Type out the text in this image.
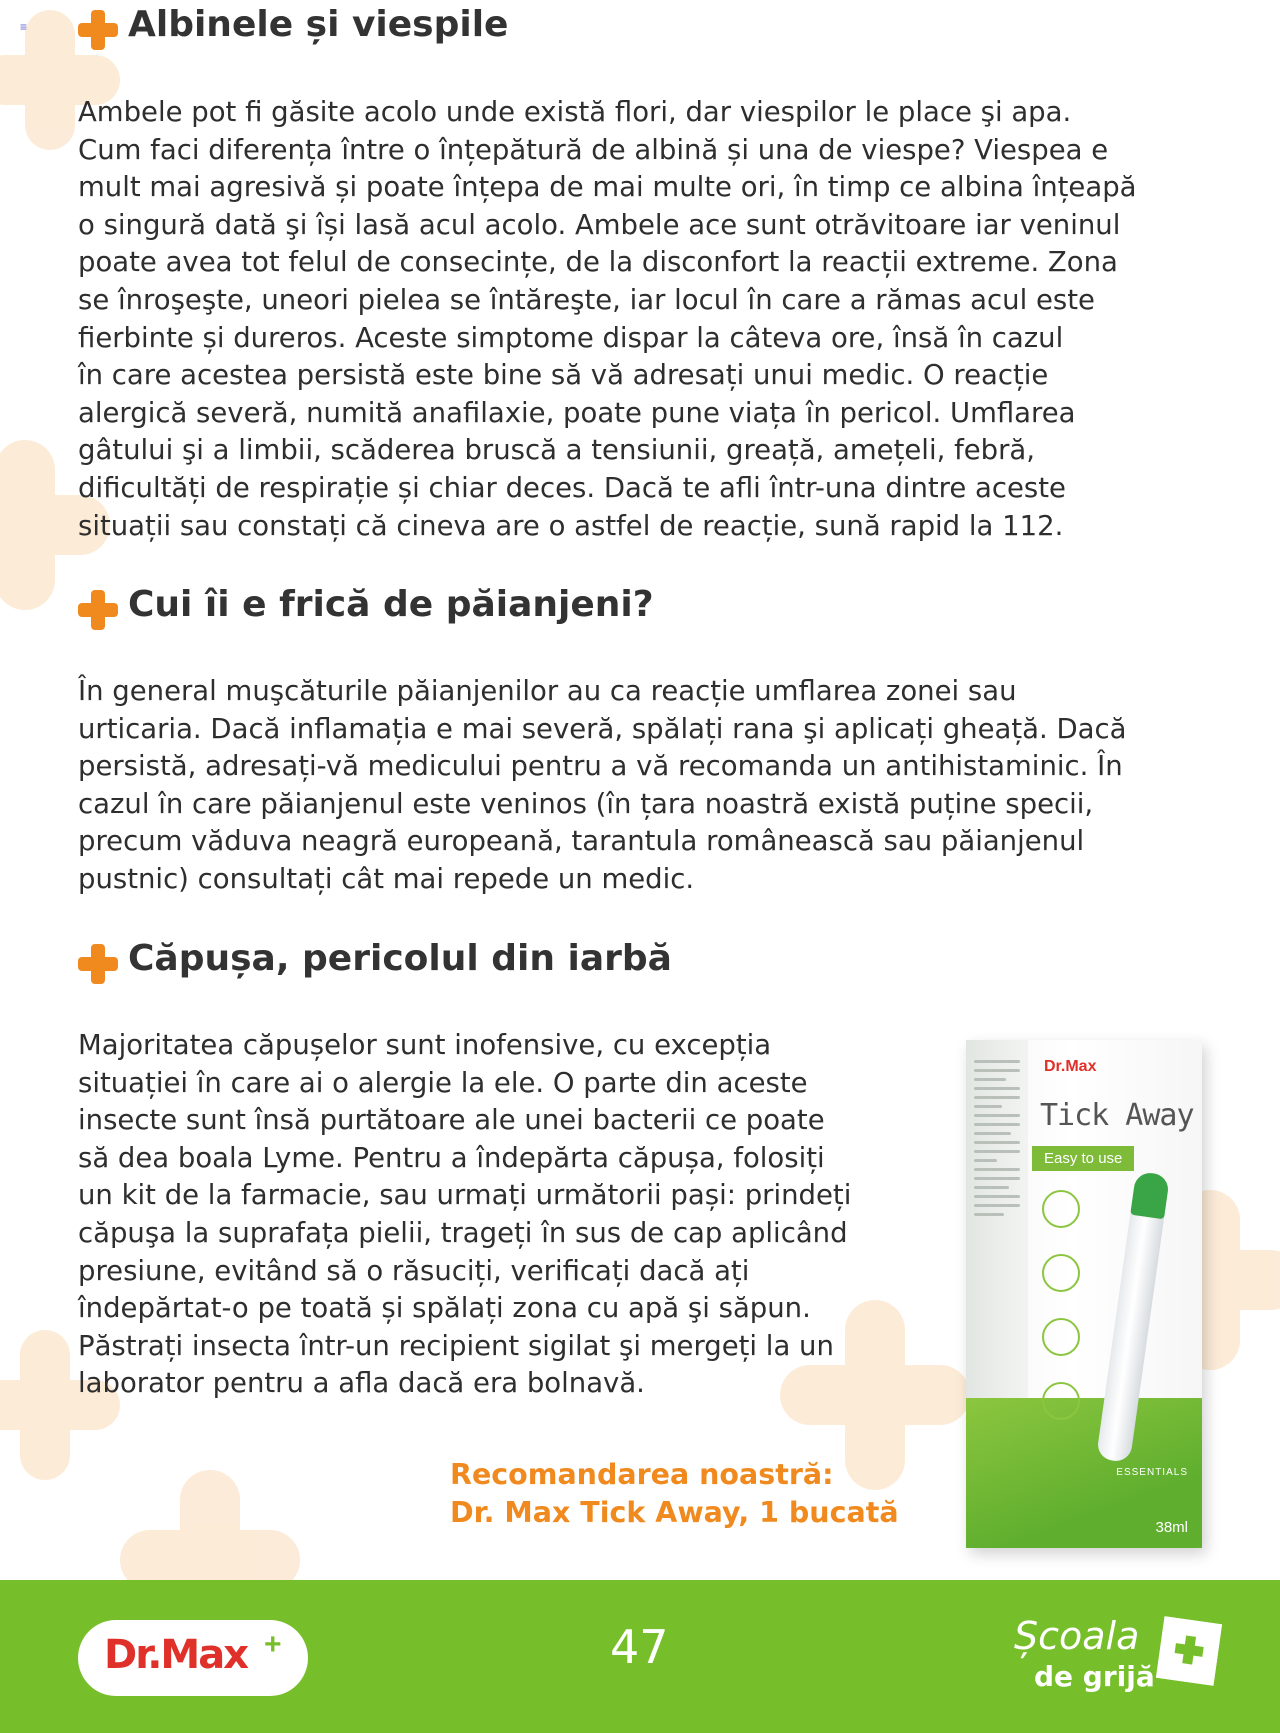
≡	Albinele și viespile
Ambele pot fi găsite acolo unde există flori, dar viespilor le place şi apa.
Cum faci diferența între o înțepătură de albină și una de viespe? Viespea e
mult mai agresivă și poate înțepa de mai multe ori, în timp ce albina înțeapă
o singură dată şi își lasă acul acolo. Ambele ace sunt otrăvitoare iar veninul
poate avea tot felul de consecințe, de la disconfort la reacții extreme. Zona
se înroşeşte, uneori pielea se întăreşte, iar locul în care a rămas acul este
fierbinte și dureros. Aceste simptome dispar la câteva ore, însă în cazul
în care acestea persistă este bine să vă adresați unui medic. O reacție
alergică severă, numită anafilaxie, poate pune viața în pericol. Umflarea
gâtului şi a limbii, scăderea bruscă a tensiunii, greață, amețeli, febră,
dificultăți de respirație și chiar deces. Dacă te afli într-una dintre aceste
situații sau constați că cineva are o astfel de reacție, sună rapid la 112.
Cui îi e frică de păianjeni?
În general muşcăturile păianjenilor au ca reacție umflarea zonei sau
urticaria. Dacă inflamația e mai severă, spălați rana şi aplicați gheață. Dacă
persistă, adresați-vă medicului pentru a vă recomanda un antihistaminic. În
cazul în care păianjenul este veninos (în țara noastră există puține specii,
precum văduva neagră europeană, tarantula românească sau păianjenul
pustnic) consultați cât mai repede un medic.
Căpușa, pericolul din iarbă
Majoritatea căpușelor sunt inofensive, cu excepția
situației în care ai o alergie la ele. O parte din aceste
insecte sunt însă purtătoare ale unei bacterii ce poate
să dea boala Lyme. Pentru a îndepărta căpușa, folosiți
un kit de la farmacie, sau urmați următorii pași: prindeți
căpuşa la suprafața pielii, trageți în sus de cap aplicând
presiune, evitând să o răsuciți, verificați dacă ați
îndepărtat-o pe toată și spălați zona cu apă şi săpun.
Păstrați insecta într-un recipient sigilat şi mergeți la un
laborator pentru a afla dacă era bolnavă.
Recomandarea noastră:
Dr. Max Tick Away, 1 bucată
Dr.Max
Tick Away
Easy to use
ESSENTIALS
38ml
Dr.Max +	47	Școala
de grijă
